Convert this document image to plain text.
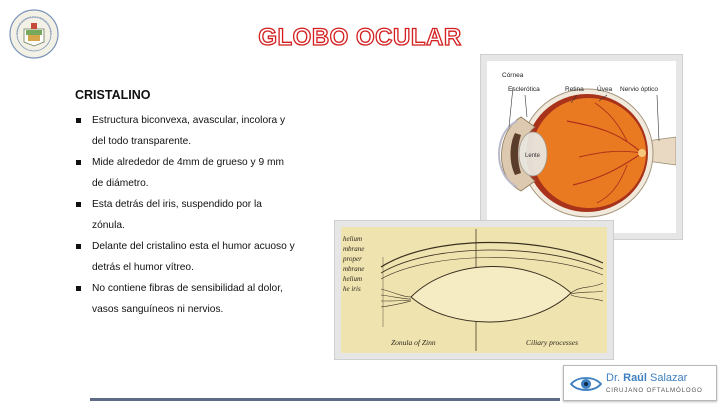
GLOBO OCULAR
CRISTALINO
Estructura biconvexa, avascular, incolora y del todo transparente.
Mide alrededor de 4mm de grueso y 9 mm de diámetro.
Esta detrás del iris, suspendido por la zónula.
Delante del cristalino esta el humor acuoso y detrás el humor vítreo.
No contiene fibras de sensibilidad al dolor, vasos sanguíneos ni nervios.
Córnea
Esclerótica	Retina Úvea Nervio óptico
Lente
helium
mbrane
proper
mbrane
helium
he iris
Zonula of Zinn	Ciliary processes
Dr. Raúl Salazar
CIRUJANO OFTALMÓLOGO
